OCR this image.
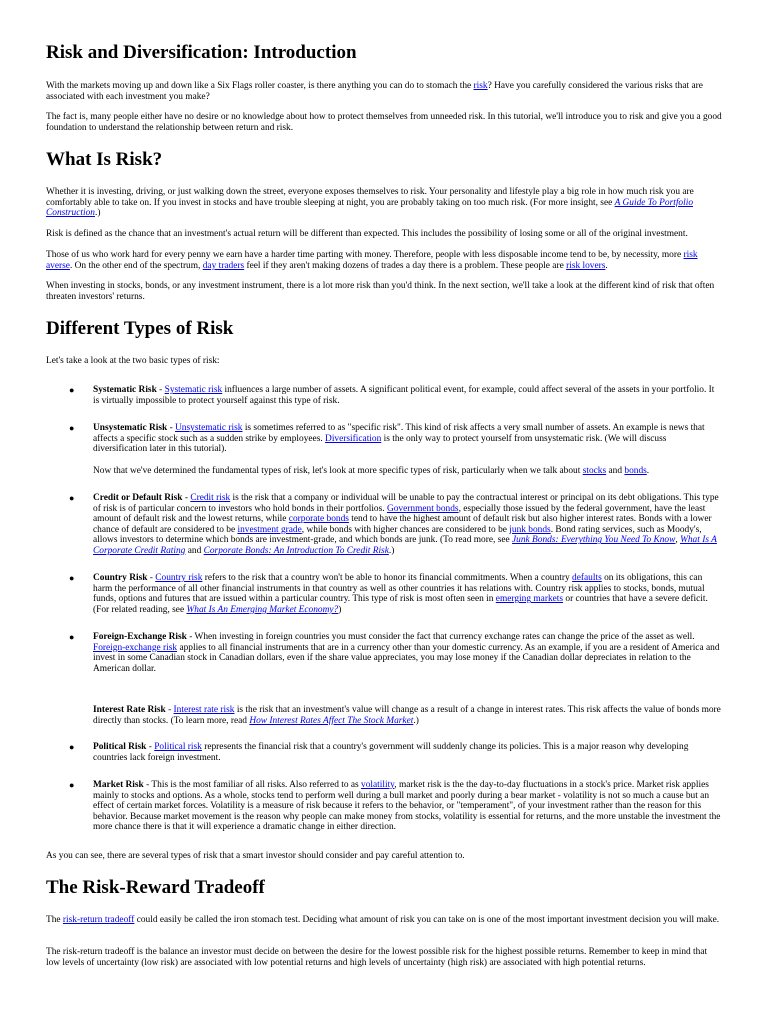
Risk and Diversification: Introduction

With the markets moving up and down like a Six Flags roller coaster, is there anything you can do to stomach the risk? Have you carefully considered the various risks that are associated with each investment you make?

The fact is, many people either have no desire or no knowledge about how to protect themselves from unneeded risk. In this tutorial, we'll introduce you to risk and give you a good foundation to understand the relationship between return and risk.

What Is Risk?

Whether it is investing, driving, or just walking down the street, everyone exposes themselves to risk. Your personality and lifestyle play a big role in how much risk you are comfortably able to take on. If you invest in stocks and have trouble sleeping at night, you are probably taking on too much risk. (For more insight, see A Guide To Portfolio Construction.)

Risk is defined as the chance that an investment's actual return will be different than expected. This includes the possibility of losing some or all of the original investment.

Those of us who work hard for every penny we earn have a harder time parting with money. Therefore, people with less disposable income tend to be, by necessity, more risk averse. On the other end of the spectrum, day traders feel if they aren't making dozens of trades a day there is a problem. These people are risk lovers.

When investing in stocks, bonds, or any investment instrument, there is a lot more risk than you'd think. In the next section, we'll take a look at the different kind of risk that often threaten investors' returns.

Different Types of Risk

Let's take a look at the two basic types of risk:

● Systematic Risk - Systematic risk influences a large number of assets. A significant political event, for example, could affect several of the assets in your portfolio. It is virtually impossible to protect yourself against this type of risk.
● Unsystematic Risk - Unsystematic risk is sometimes referred to as "specific risk". This kind of risk affects a very small number of assets. An example is news that affects a specific stock such as a sudden strike by employees. Diversification is the only way to protect yourself from unsystematic risk. (We will discuss diversification later in this tutorial).
Now that we've determined the fundamental types of risk, let's look at more specific types of risk, particularly when we talk about stocks and bonds.
● Credit or Default Risk - Credit risk is the risk that a company or individual will be unable to pay the contractual interest or principal on its debt obligations. This type of risk is of particular concern to investors who hold bonds in their portfolios. Government bonds, especially those issued by the federal government, have the least amount of default risk and the lowest returns, while corporate bonds tend to have the highest amount of default risk but also higher interest rates. Bonds with a lower chance of default are considered to be investment grade, while bonds with higher chances are considered to be junk bonds. Bond rating services, such as Moody's, allows investors to determine which bonds are investment-grade, and which bonds are junk. (To read more, see Junk Bonds: Everything You Need To Know, What Is A Corporate Credit Rating and Corporate Bonds: An Introduction To Credit Risk.)
● Country Risk - Country risk refers to the risk that a country won't be able to honor its financial commitments. When a country defaults on its obligations, this can harm the performance of all other financial instruments in that country as well as other countries it has relations with. Country risk applies to stocks, bonds, mutual funds, options and futures that are issued within a particular country. This type of risk is most often seen in emerging markets or countries that have a severe deficit. (For related reading, see What Is An Emerging Market Economy?)
● Foreign-Exchange Risk - When investing in foreign countries you must consider the fact that currency exchange rates can change the price of the asset as well. Foreign-exchange risk applies to all financial instruments that are in a currency other than your domestic currency. As an example, if you are a resident of America and invest in some Canadian stock in Canadian dollars, even if the share value appreciates, you may lose money if the Canadian dollar depreciates in relation to the American dollar.
Interest Rate Risk - Interest rate risk is the risk that an investment's value will change as a result of a change in interest rates. This risk affects the value of bonds more directly than stocks. (To learn more, read How Interest Rates Affect The Stock Market.)
● Political Risk - Political risk represents the financial risk that a country's government will suddenly change its policies. This is a major reason why developing countries lack foreign investment.
● Market Risk - This is the most familiar of all risks. Also referred to as volatility, market risk is the the day-to-day fluctuations in a stock's price. Market risk applies mainly to stocks and options. As a whole, stocks tend to perform well during a bull market and poorly during a bear market - volatility is not so much a cause but an effect of certain market forces. Volatility is a measure of risk because it refers to the behavior, or "temperament", of your investment rather than the reason for this behavior. Because market movement is the reason why people can make money from stocks, volatility is essential for returns, and the more unstable the investment the more chance there is that it will experience a dramatic change in either direction.

As you can see, there are several types of risk that a smart investor should consider and pay careful attention to.

The Risk-Reward Tradeoff

The risk-return tradeoff could easily be called the iron stomach test. Deciding what amount of risk you can take on is one of the most important investment decision you will make.

The risk-return tradeoff is the balance an investor must decide on between the desire for the lowest possible risk for the highest possible returns. Remember to keep in mind that low levels of uncertainty (low risk) are associated with low potential returns and high levels of uncertainty (high risk) are associated with high potential returns.
